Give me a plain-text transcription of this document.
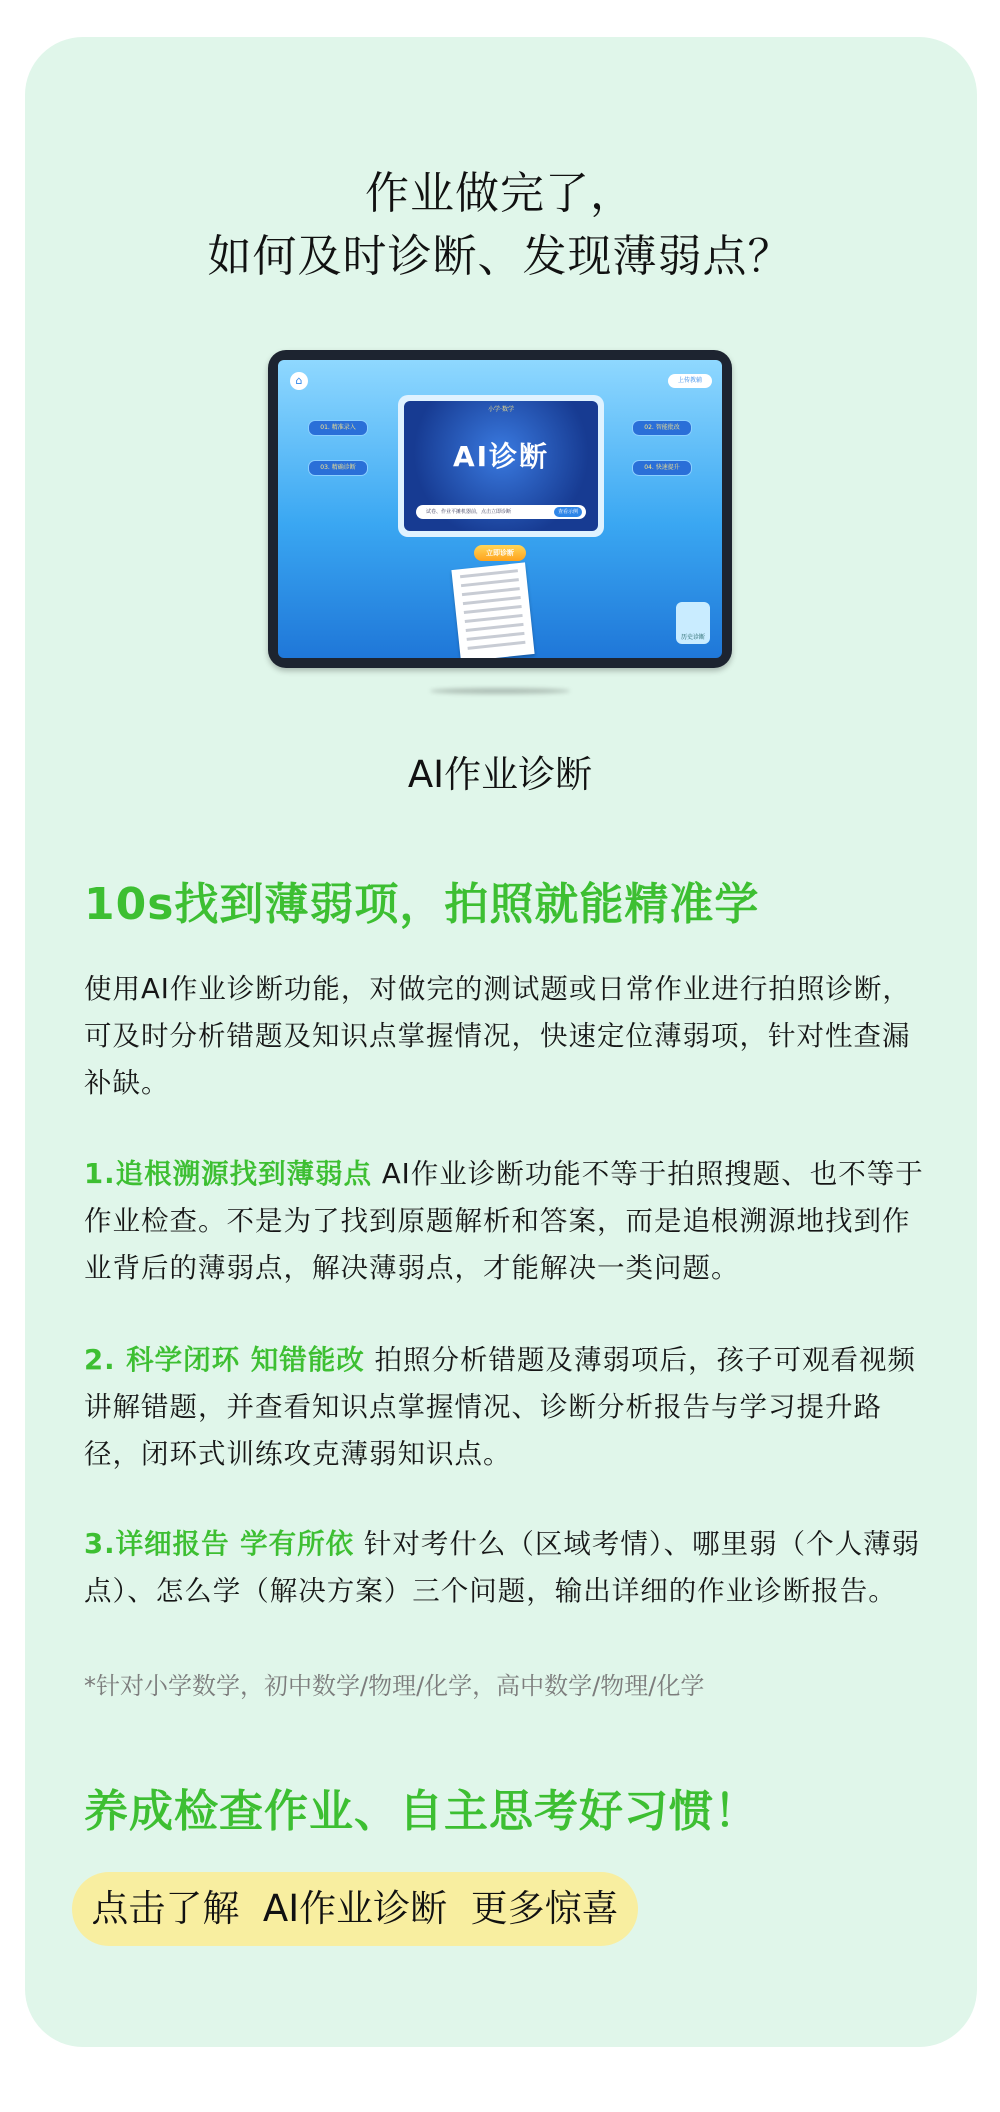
作业做完了，
如何及时诊断、发现薄弱点？
⌂	上传教辅
01. 精准录入	02. 智能批改
03. 精确诊断	04. 快速提升
小学·数学
AI诊断
试卷、作业平摊机器前，点击立即诊断	查看示例
立即诊断
历史诊断
AI作业诊断
10s找到薄弱项，拍照就能精准学
使用AI作业诊断功能，对做完的测试题或日常作业进行拍照诊断，可及时分析错题及知识点掌握情况，快速定位薄弱项，针对性查漏补缺。
1.追根溯源找到薄弱点 AI作业诊断功能不等于拍照搜题、也不等于作业检查。不是为了找到原题解析和答案，而是追根溯源地找到作业背后的薄弱点，解决薄弱点，才能解决一类问题。
2. 科学闭环 知错能改 拍照分析错题及薄弱项后，孩子可观看视频讲解错题，并查看知识点掌握情况、诊断分析报告与学习提升路径，闭环式训练攻克薄弱知识点。
3.详细报告 学有所依 针对考什么（区域考情）、哪里弱（个人薄弱点）、怎么学（解决方案）三个问题，输出详细的作业诊断报告。
*针对小学数学，初中数学/物理/化学，高中数学/物理/化学
养成检查作业、自主思考好习惯！
点击了解  AI作业诊断  更多惊喜
